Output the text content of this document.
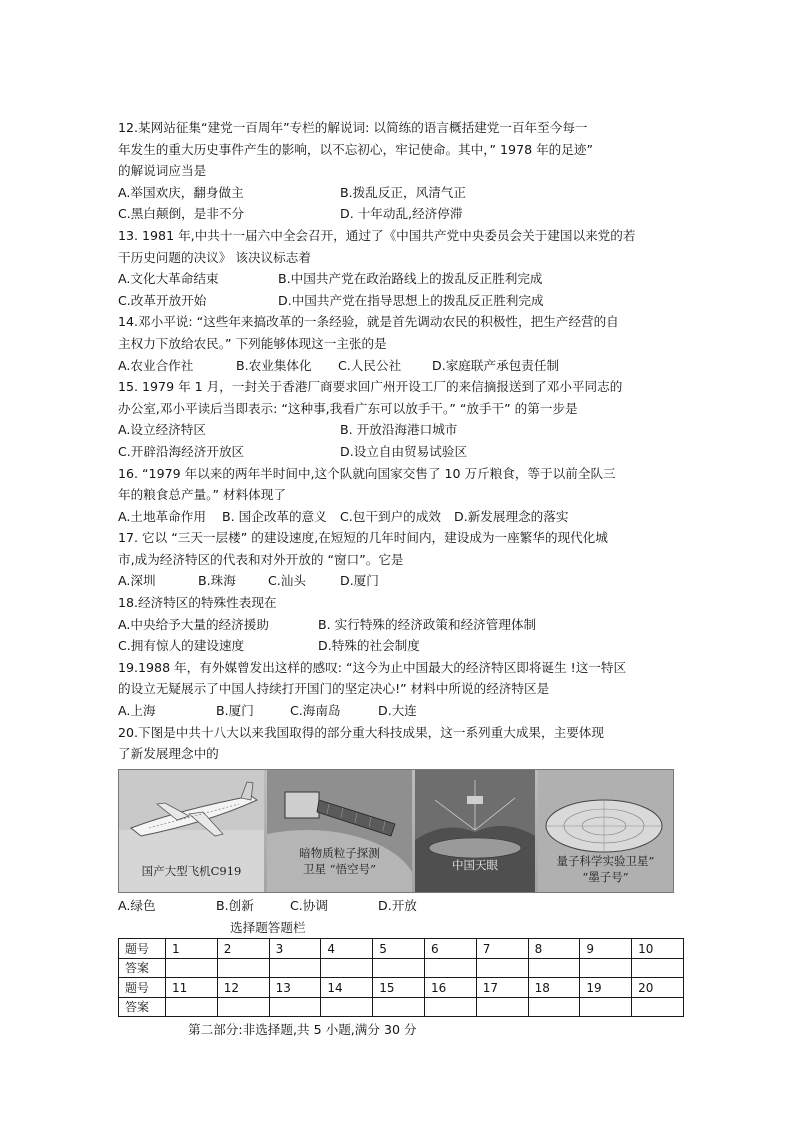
12.某网站征集“建党一百周年”专栏的解说词: 以简练的语言概括建党一百年至今每一
年发生的重大历史事件产生的影响，以不忘初心，牢记使命。其中，” 1978 年的足迹”
的解说词应当是
A.举国欢庆，翻身做主	B.拨乱反正，风清气正
C.黑白颠倒，是非不分	D. 十年动乱,经济停滞
13. 1981 年,中共十一届六中全会召开，通过了《中国共产党中央委员会关于建国以来党的若
干历史问题的决议》 该决议标志着
A.文化大革命结束	B.中国共产党在政治路线上的拨乱反正胜利完成
C.改革开放开始	D.中国共产党在指导思想上的拨乱反正胜利完成
14.邓小平说: “这些年来搞改革的一条经验，就是首先调动农民的积极性，把生产经营的自
主权力下放给农民。” 下列能够体现这一主张的是
A.农业合作社	B.农业集体化 C.人民公社 D.家庭联产承包责任制
15. 1979 年 1 月，一封关于香港厂商要求回广州开设工厂的来信摘报送到了邓小平同志的
办公室,邓小平读后当即表示: “这种事,我看广东可以放手干。” “放手干” 的第一步是
A.设立经济特区	B. 开放沿海港口城市
C.开辟沿海经济开放区	D.设立自由贸易试验区
16. “1979 年以来的两年半时间中,这个队就向国家交售了 10 万斤粮食，等于以前全队三
年的粮食总产量。” 材料体现了
A.土地革命作用 B. 国企改革的意义 C.包干到户的成效 D.新发展理念的落实
17. 它以 “三天一层楼” 的建设速度,在短短的几年时间内，建设成为一座繁华的现代化城
市,成为经济特区的代表和对外开放的 “窗口”。它是
A.深圳	B.珠海	C.汕头	D.厦门
18.经济特区的特殊性表现在
A.中央给予大量的经济援助	B. 实行特殊的经济政策和经济管理体制
C.拥有惊人的建设速度	D.特殊的社会制度
19.1988 年，有外媒曾发出这样的感叹: “这今为止中国最大的经济特区即将诞生 !这一特区
的设立无疑展示了中国人持续打开国门的坚定决心!” 材料中所说的经济特区是
A.上海	B.厦门	C.海南岛	D.大连
20.下图是中共十八大以来我国取得的部分重大科技成果，这一系列重大成果，主要体现
了新发展理念中的
国产大型飞机C919
暗物质粒子探测
卫星 “悟空号”	中国天眼	量子科学实验卫星”
“墨子号”
A.绿色	B.创新	C.协调	D.开放
选择题答题栏
题号	1	2	3	4	5	6	7	8	9	10
答案										
题号	11	12	13	14	15	16	17	18	19	20
答案										
第二部分:非选择题,共 5 小题,满分 30 分
